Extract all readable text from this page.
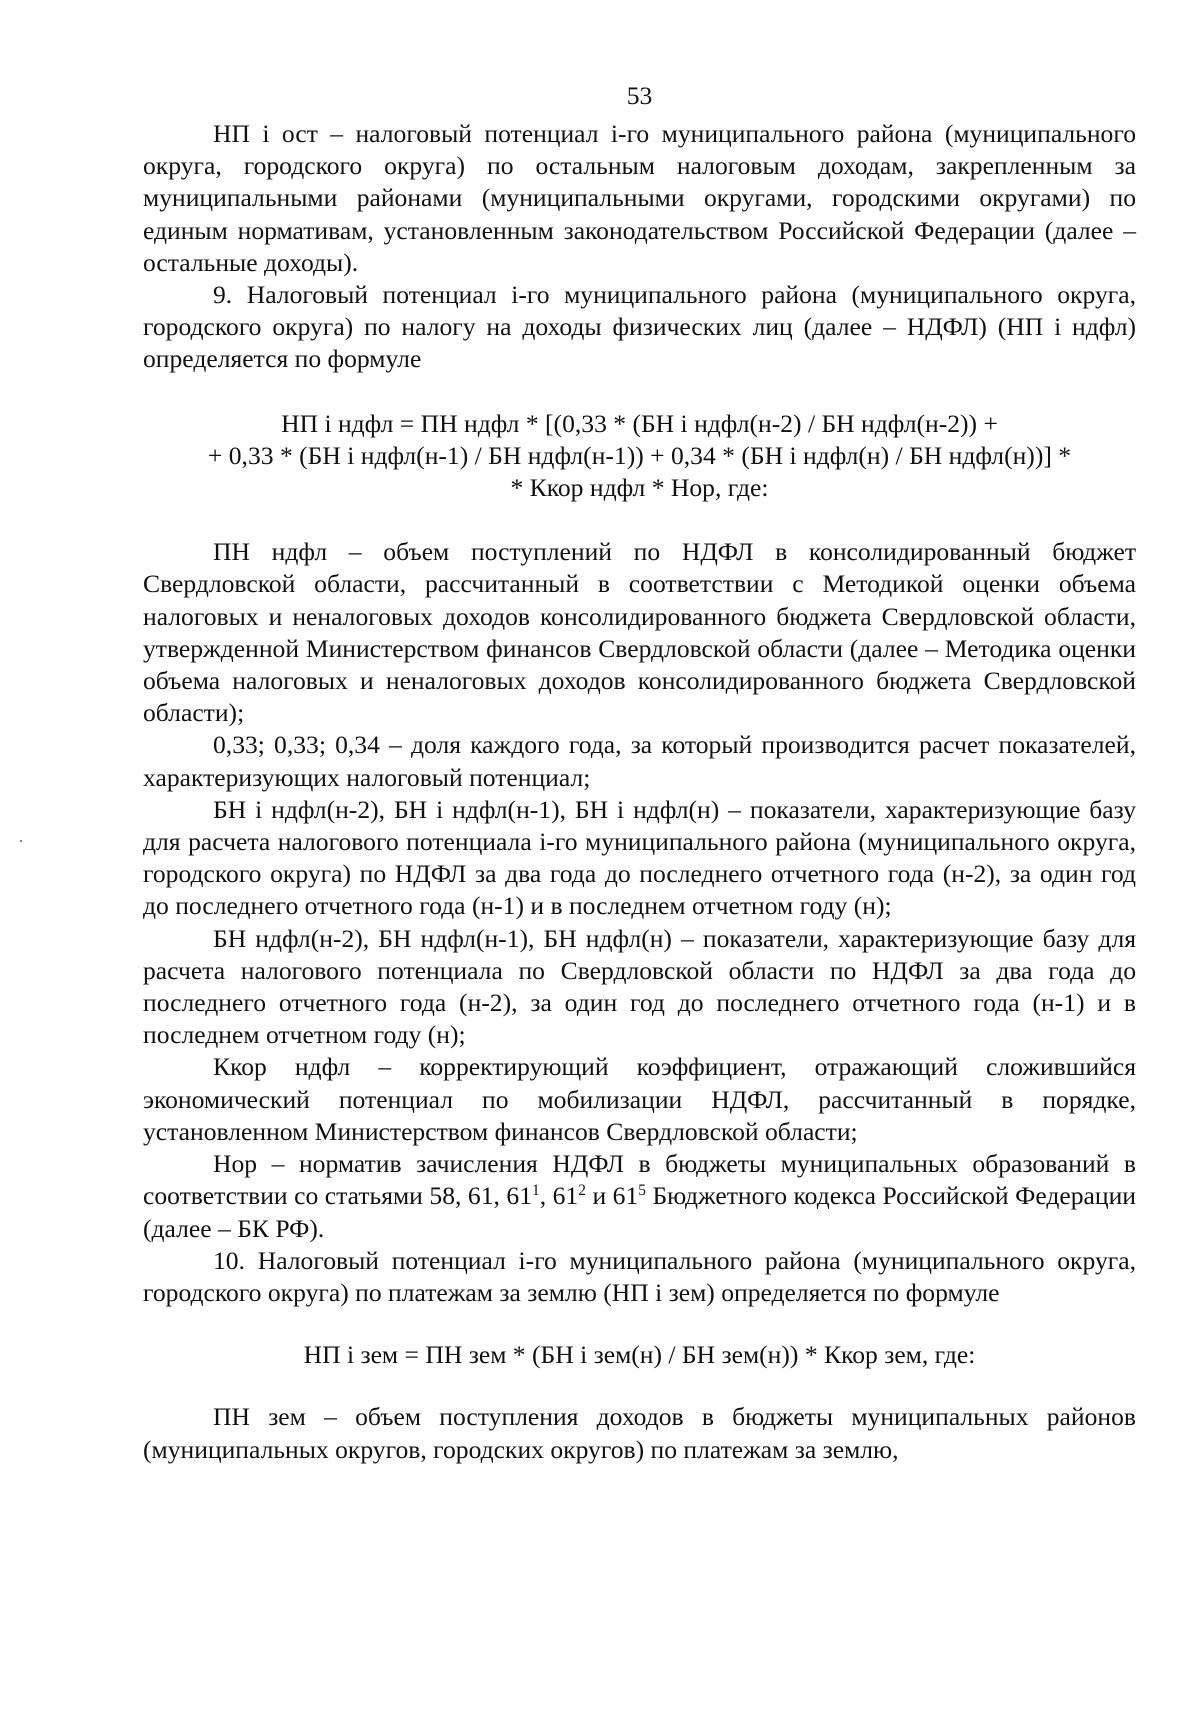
53

НП i ост – налоговый потенциал i-го муниципального района (муниципального округа, городского округа) по остальным налоговым доходам, закрепленным за муниципальными районами (муниципальными округами, городскими округами) по единым нормативам, установленным законодательством Российской Федерации (далее – остальные доходы).

9. Налоговый потенциал i-го муниципального района (муниципального округа, городского округа) по налогу на доходы физических лиц (далее – НДФЛ) (НП i ндфл) определяется по формуле

НП i ндфл = ПН ндфл * [(0,33 * (БН i ндфл(н-2) / БН ндфл(н-2)) +
+ 0,33 * (БН i ндфл(н-1) / БН ндфл(н-1)) + 0,34 * (БН i ндфл(н) / БН ндфл(н))] *
* Ккор ндфл * Нор, где:

ПН ндфл – объем поступлений по НДФЛ в консолидированный бюджет Свердловской области, рассчитанный в соответствии с Методикой оценки объема налоговых и неналоговых доходов консолидированного бюджета Свердловской области, утвержденной Министерством финансов Свердловской области (далее – Методика оценки объема налоговых и неналоговых доходов консолидированного бюджета Свердловской области);

0,33; 0,33; 0,34 – доля каждого года, за который производится расчет показателей, характеризующих налоговый потенциал;

БН i ндфл(н-2), БН i ндфл(н-1), БН i ндфл(н) – показатели, характеризующие базу для расчета налогового потенциала i-го муниципального района (муниципального округа, городского округа) по НДФЛ за два года до последнего отчетного года (н-2), за один год до последнего отчетного года (н-1) и в последнем отчетном году (н);

БН ндфл(н-2), БН ндфл(н-1), БН ндфл(н) – показатели, характеризующие базу для расчета налогового потенциала по Свердловской области по НДФЛ за два года до последнего отчетного года (н-2), за один год до последнего отчетного года (н-1) и в последнем отчетном году (н);

Ккор ндфл – корректирующий коэффициент, отражающий сложившийся экономический потенциал по мобилизации НДФЛ, рассчитанный в порядке, установленном Министерством финансов Свердловской области;

Нор – норматив зачисления НДФЛ в бюджеты муниципальных образований в соответствии со статьями 58, 61, $61^1$, $61^2$ и $61^5$ Бюджетного кодекса Российской Федерации (далее – БК РФ).

10. Налоговый потенциал i-го муниципального района (муниципального округа, городского округа) по платежам за землю (НП i зем) определяется по формуле

НП i зем = ПН зем * (БН i зем(н) / БН зем(н)) * Ккор зем, где:

ПН зем – объем поступления доходов в бюджеты муниципальных районов (муниципальных округов, городских округов) по платежам за землю,
